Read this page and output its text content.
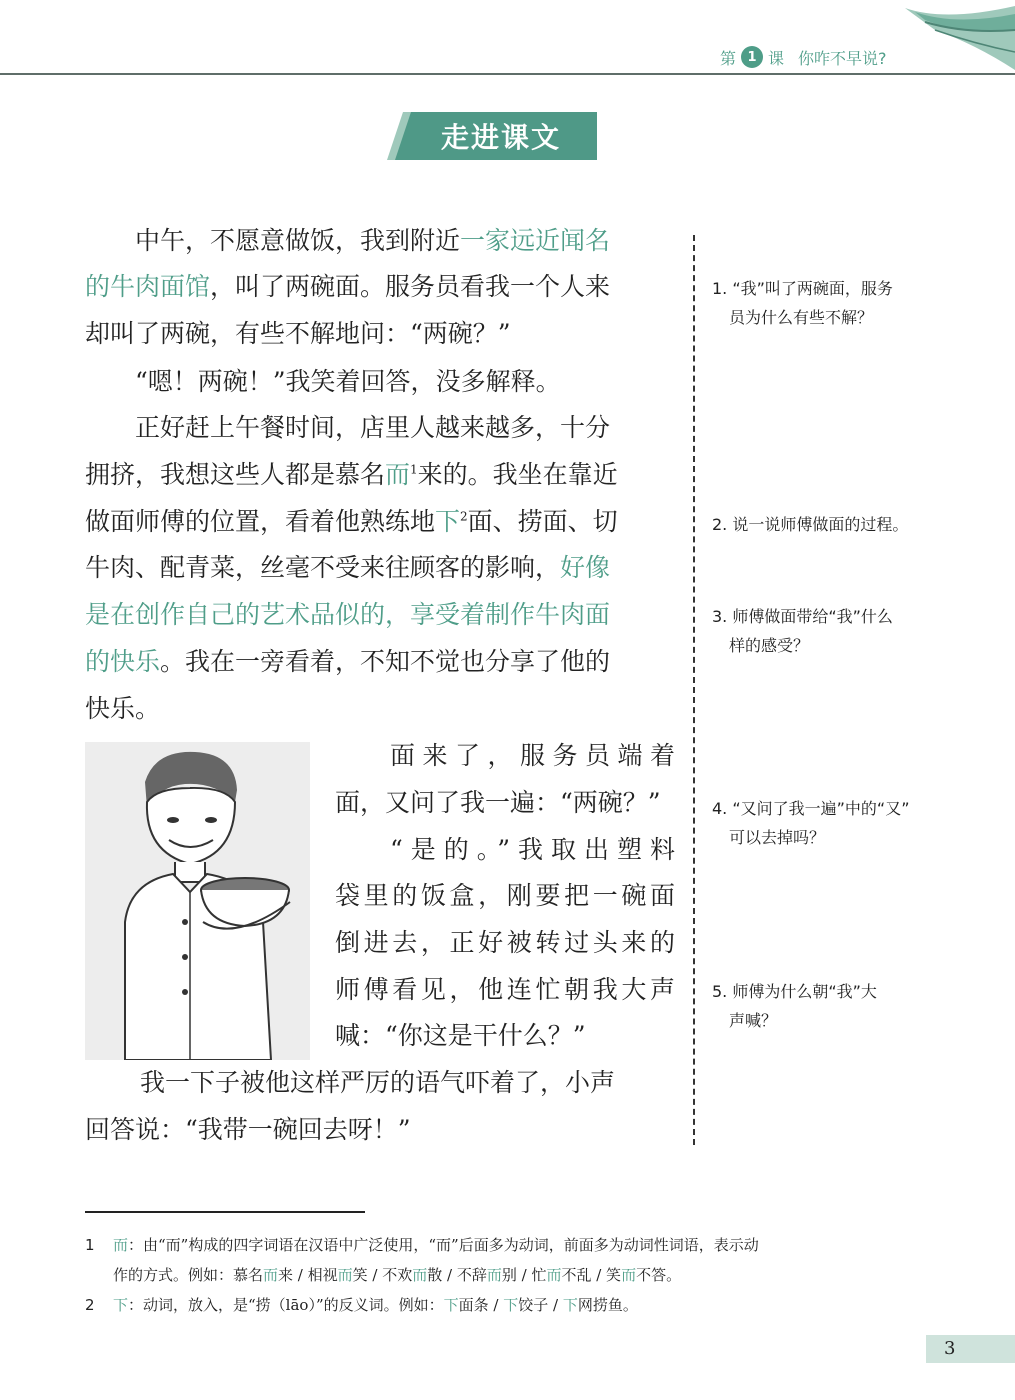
第 1 课 你咋不早说?
走进课文
中午，不愿意做饭，我到附近一家远近闻名
的牛肉面馆，叫了两碗面。服务员看我一个人来
却叫了两碗，有些不解地问：“两碗？”
“嗯！两碗！”我笑着回答，没多解释。
正好赶上午餐时间，店里人越来越多，十分
拥挤，我想这些人都是慕名而$^1$来的。我坐在靠近
做面师傅的位置，看着他熟练地下$^2$面、捞面、切
牛肉、配青菜，丝毫不受来往顾客的影响，好像
是在创作自己的艺术品似的，享受着制作牛肉面
的快乐。我在一旁看着，不知不觉也分享了他的
快乐。
面来了，服务员端着
面，又问了我一遍：“两碗？”
“是的。”我取出塑料
袋里的饭盒，刚要把一碗面
倒进去，正好被转过头来的
师傅看见，他连忙朝我大声
喊：“你这是干什么？”
我一下子被他这样严厉的语气吓着了，小声
回答说：“我带一碗回去呀！”
1. “我”叫了两碗面，服务
员为什么有些不解？
2. 说一说师傅做面的过程。
3. 师傅做面带给“我”什么
样的感受？
4. “又问了我一遍”中的“又”
可以去掉吗？
5. 师傅为什么朝“我”大
声喊？
1 而：由“而”构成的四字词语在汉语中广泛使用，“而”后面多为动词，前面多为动词性词语，表示动
作的方式。例如：慕名而来 / 相视而笑 / 不欢而散 / 不辞而别 / 忙而不乱 / 笑而不答。
2 下：动词，放入，是“捞（lāo）”的反义词。例如：下面条 / 下饺子 / 下网捞鱼。
3
